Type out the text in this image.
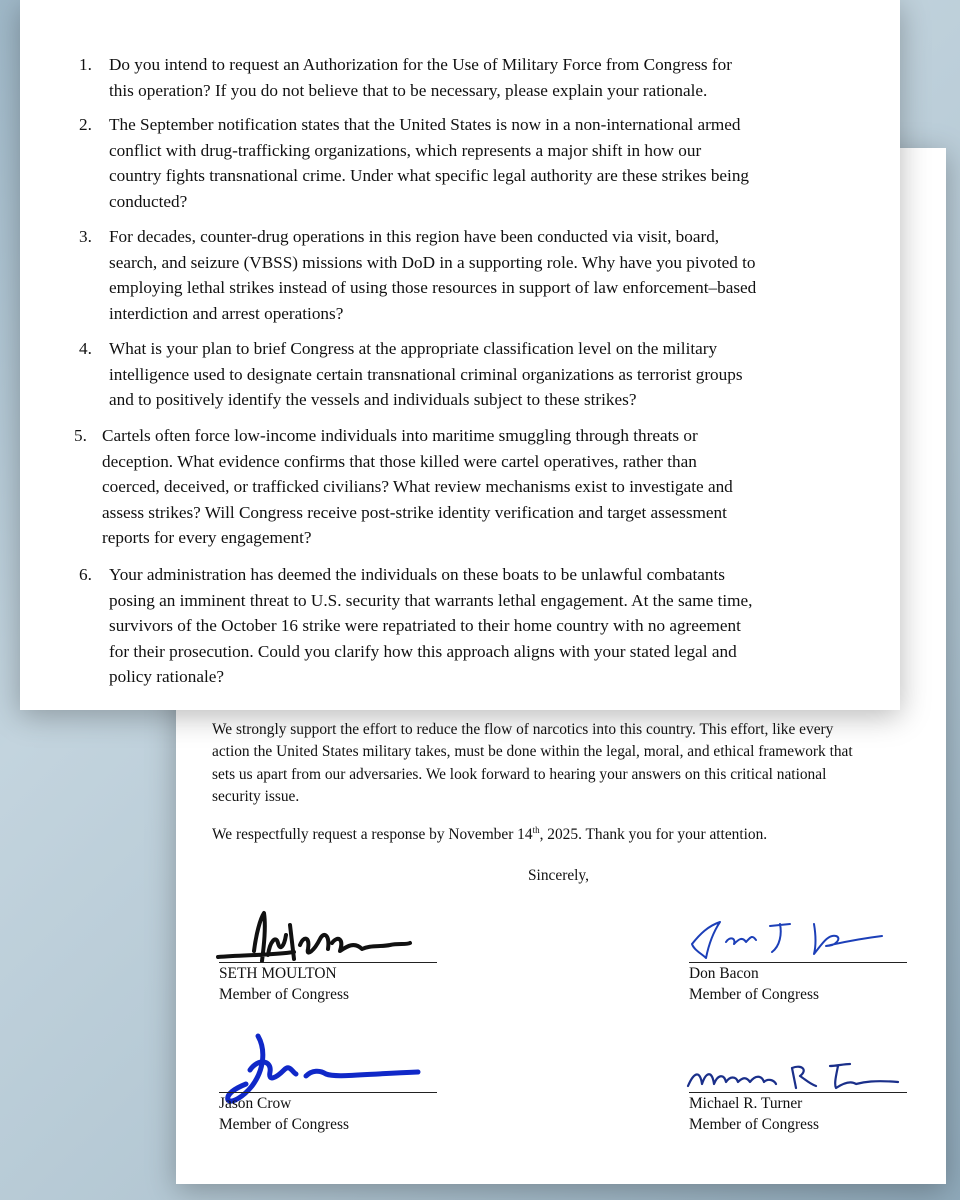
1. Do you intend to request an Authorization for the Use of Military Force from Congress for
this operation? If you do not believe that to be necessary, please explain your rationale.
2. The September notification states that the United States is now in a non-international armed
conflict with drug-trafficking organizations, which represents a major shift in how our
country fights transnational crime. Under what specific legal authority are these strikes being
conducted?
3. For decades, counter-drug operations in this region have been conducted via visit, board,
search, and seizure (VBSS) missions with DoD in a supporting role. Why have you pivoted to
employing lethal strikes instead of using those resources in support of law enforcement–based
interdiction and arrest operations?
4. What is your plan to brief Congress at the appropriate classification level on the military
intelligence used to designate certain transnational criminal organizations as terrorist groups
and to positively identify the vessels and individuals subject to these strikes?
5. Cartels often force low-income individuals into maritime smuggling through threats or
deception. What evidence confirms that those killed were cartel operatives, rather than
coerced, deceived, or trafficked civilians? What review mechanisms exist to investigate and
assess strikes? Will Congress receive post-strike identity verification and target assessment
reports for every engagement?
6. Your administration has deemed the individuals on these boats to be unlawful combatants
posing an imminent threat to U.S. security that warrants lethal engagement. At the same time,
survivors of the October 16 strike were repatriated to their home country with no agreement
for their prosecution. Could you clarify how this approach aligns with your stated legal and
policy rationale?
We strongly support the effort to reduce the flow of narcotics into this country. This effort, like every
action the United States military takes, must be done within the legal, moral, and ethical framework that
sets us apart from our adversaries. We look forward to hearing your answers on this critical national
security issue.
We respectfully request a response by November 14th, 2025. Thank you for your attention.
Sincerely,
SETH MOULTON
Member of Congress
Don Bacon
Member of Congress
Jason Crow
Member of Congress
Michael R. Turner
Member of Congress
